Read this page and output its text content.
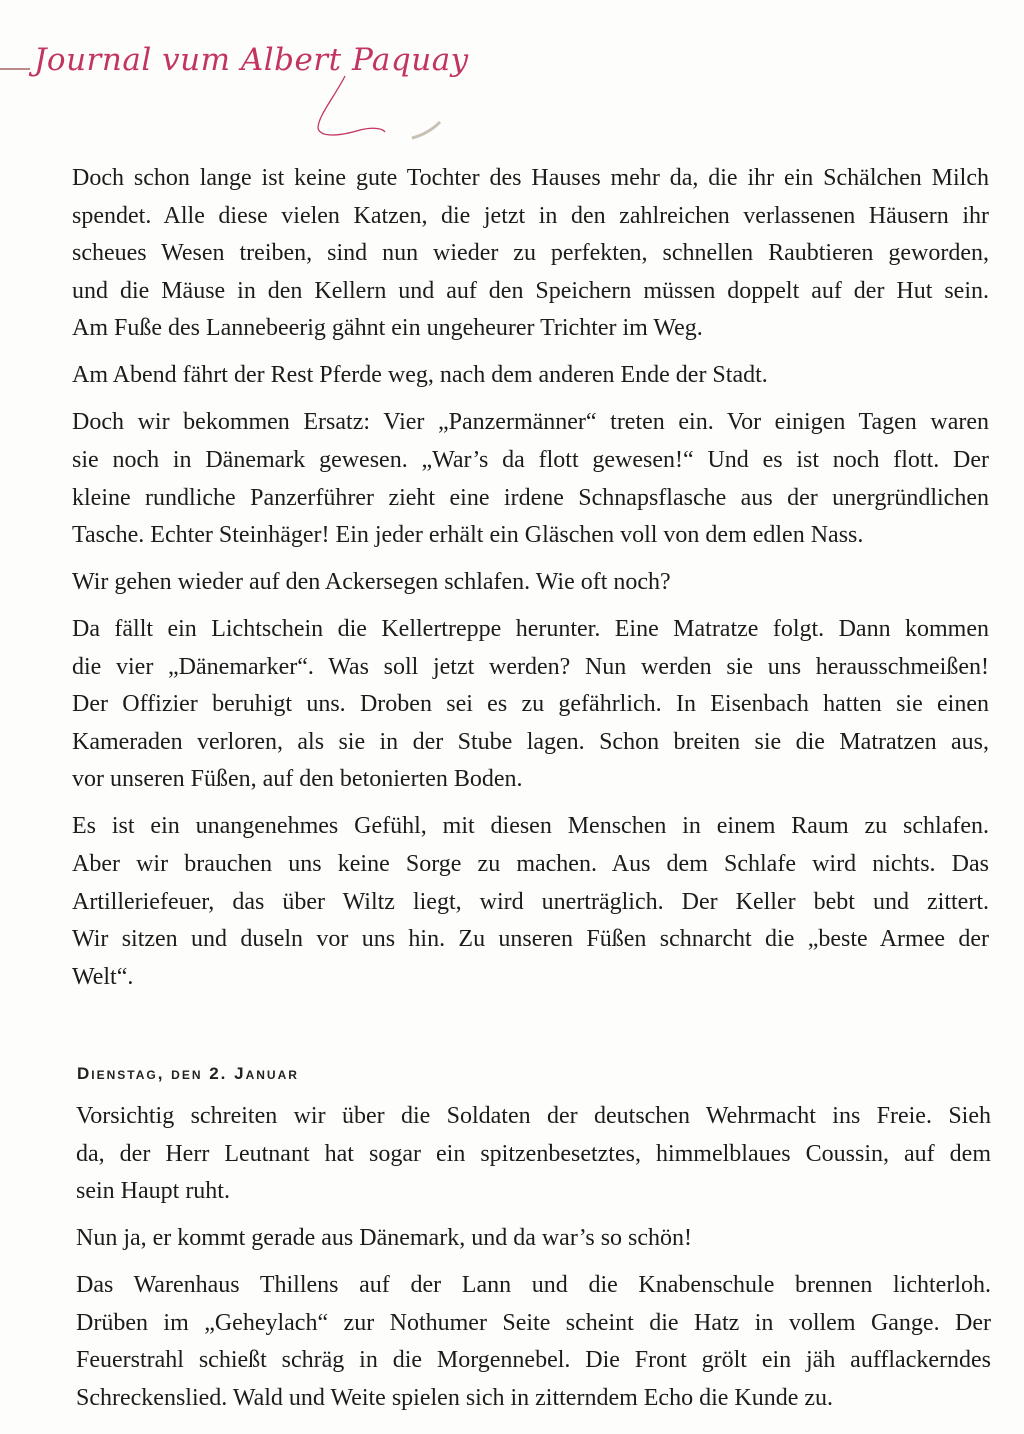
Journal vum Albert Paquay
Doch schon lange ist keine gute Tochter des Hauses mehr da, die ihr ein Schälchen Milch
spendet. Alle diese vielen Katzen, die jetzt in den zahlreichen verlassenen Häusern ihr
scheues Wesen treiben, sind nun wieder zu perfekten, schnellen Raubtieren geworden,
und die Mäuse in den Kellern und auf den Speichern müssen doppelt auf der Hut sein.
Am Fuße des Lannebeerig gähnt ein ungeheurer Trichter im Weg.
Am Abend fährt der Rest Pferde weg, nach dem anderen Ende der Stadt.
Doch wir bekommen Ersatz: Vier „Panzermänner“ treten ein. Vor einigen Tagen waren
sie noch in Dänemark gewesen. „War’s da flott gewesen!“ Und es ist noch flott. Der
kleine rundliche Panzerführer zieht eine irdene Schnapsflasche aus der unergründlichen
Tasche. Echter Steinhäger! Ein jeder erhält ein Gläschen voll von dem edlen Nass.
Wir gehen wieder auf den Ackersegen schlafen. Wie oft noch?
Da fällt ein Lichtschein die Kellertreppe herunter. Eine Matratze folgt. Dann kommen
die vier „Dänemarker“. Was soll jetzt werden? Nun werden sie uns herausschmeißen!
Der Offizier beruhigt uns. Droben sei es zu gefährlich. In Eisenbach hatten sie einen
Kameraden verloren, als sie in der Stube lagen. Schon breiten sie die Matratzen aus,
vor unseren Füßen, auf den betonierten Boden.
Es ist ein unangenehmes Gefühl, mit diesen Menschen in einem Raum zu schlafen.
Aber wir brauchen uns keine Sorge zu machen. Aus dem Schlafe wird nichts. Das
Artilleriefeuer, das über Wiltz liegt, wird unerträglich. Der Keller bebt und zittert.
Wir sitzen und duseln vor uns hin. Zu unseren Füßen schnarcht die „beste Armee der
Welt“.
Dienstag, den 2. Januar
Vorsichtig schreiten wir über die Soldaten der deutschen Wehrmacht ins Freie. Sieh
da, der Herr Leutnant hat sogar ein spitzenbesetztes, himmelblaues Coussin, auf dem
sein Haupt ruht.
Nun ja, er kommt gerade aus Dänemark, und da war’s so schön!
Das Warenhaus Thillens auf der Lann und die Knabenschule brennen lichterloh.
Drüben im „Geheylach“ zur Nothumer Seite scheint die Hatz in vollem Gange. Der
Feuerstrahl schießt schräg in die Morgennebel. Die Front grölt ein jäh aufflackerndes
Schreckenslied. Wald und Weite spielen sich in zitterndem Echo die Kunde zu.
